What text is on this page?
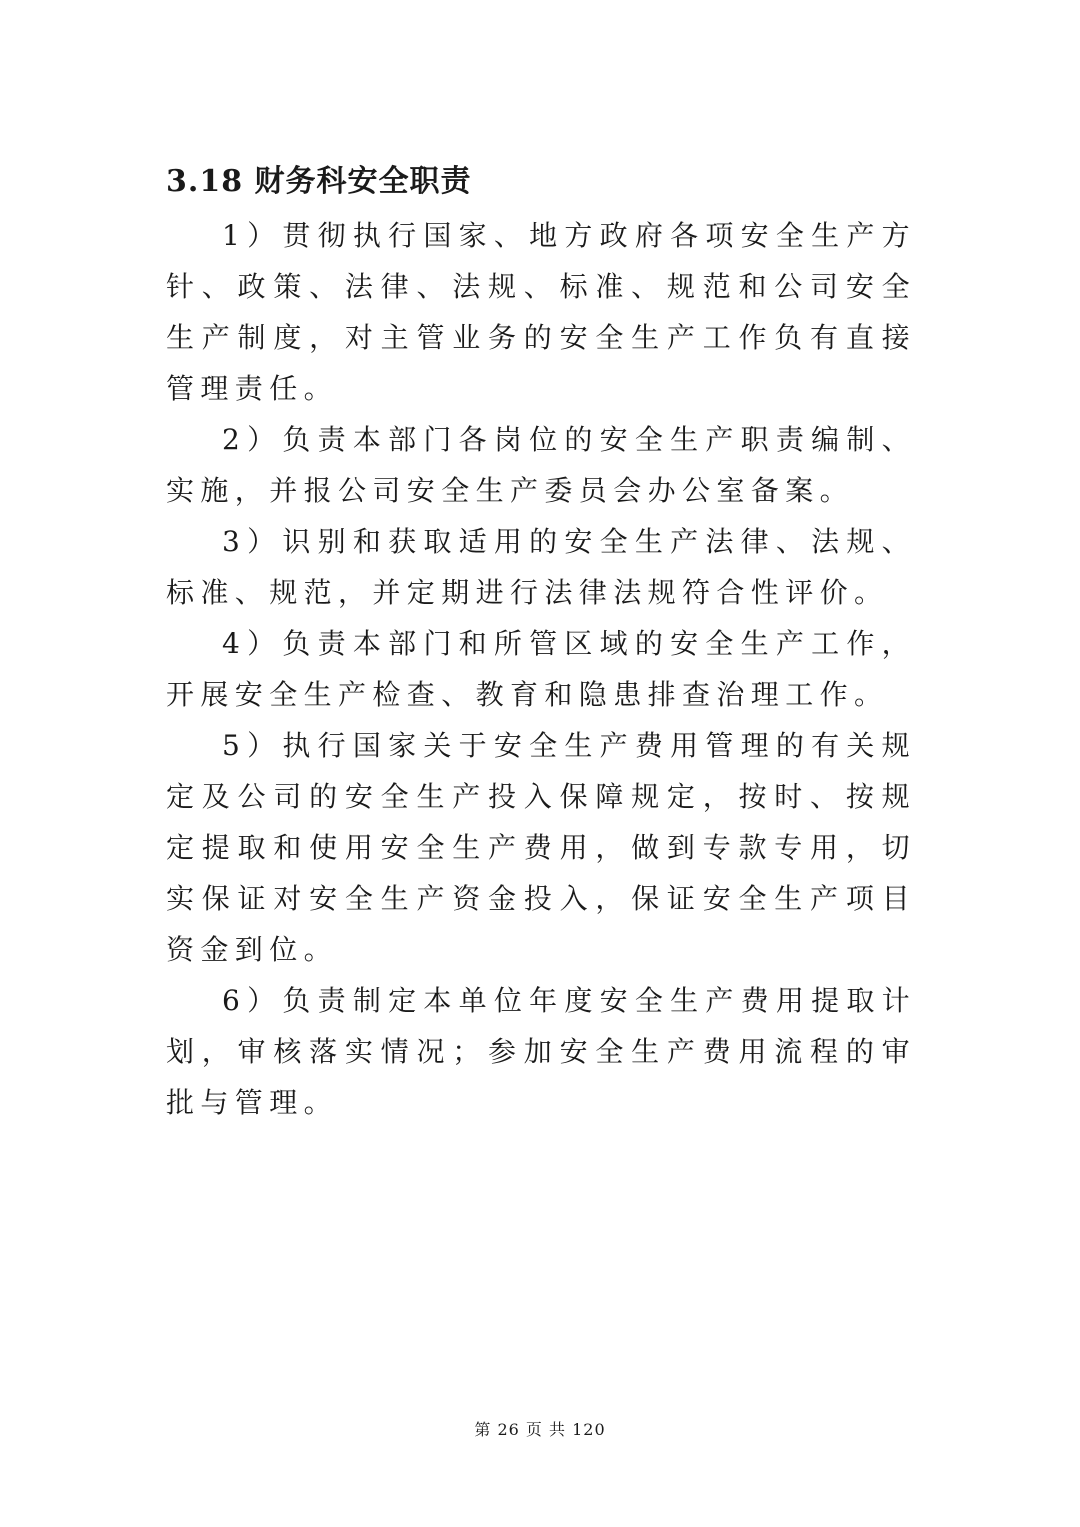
3.18 财务科安全职责

1）贯彻执行国家、地方政府各项安全生产方针、政策、法律、法规、标准、规范和公司安全生产制度，对主管业务的安全生产工作负有直接管理责任。

2）负责本部门各岗位的安全生产职责编制、实施，并报公司安全生产委员会办公室备案。

3）识别和获取适用的安全生产法律、法规、标准、规范，并定期进行法律法规符合性评价。

4）负责本部门和所管区域的安全生产工作，开展安全生产检查、教育和隐患排查治理工作。

5）执行国家关于安全生产费用管理的有关规定及公司的安全生产投入保障规定，按时、按规定提取和使用安全生产费用，做到专款专用，切实保证对安全生产资金投入，保证安全生产项目资金到位。

6）负责制定本单位年度安全生产费用提取计划，审核落实情况；参加安全生产费用流程的审批与管理。

第 26 页 共 120
